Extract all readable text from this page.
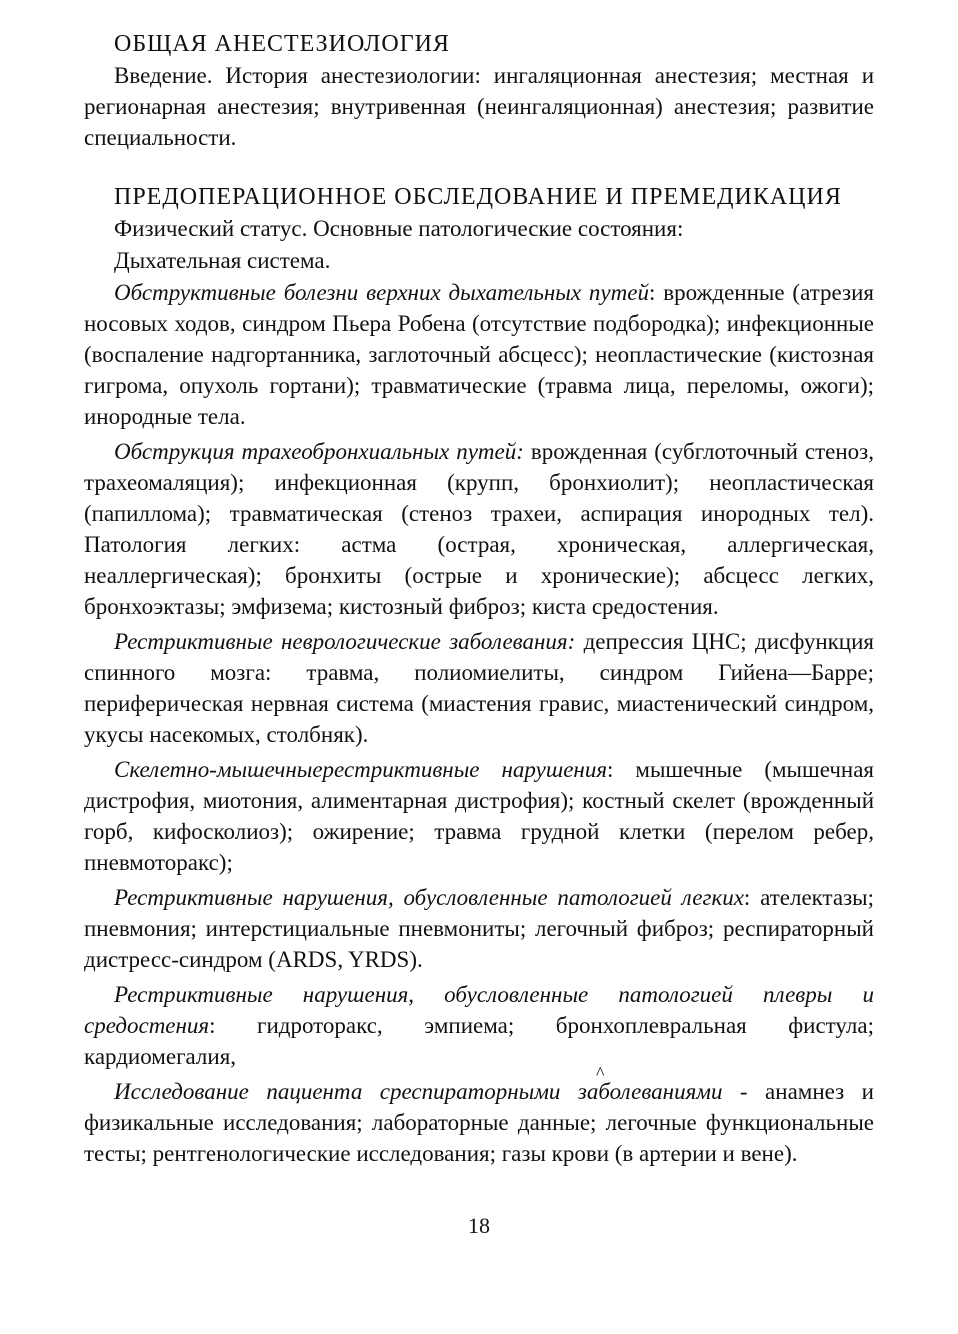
ОБЩАЯ АНЕСТЕЗИОЛОГИЯ

Введение. История анестезиологии: ингаляционная анестезия; местная и регионарная анестезия; внутривенная (неингаляционная) анестезия; развитие специальности.

ПРЕДОПЕРАЦИОННОЕ ОБСЛЕДОВАНИЕ И ПРЕМЕДИКАЦИЯ
Физический статус. Основные патологические состояния:
Дыхательная система.

Обструктивные болезни верхних дыхательных путей: врожденные (атрезия носовых ходов, синдром Пьера Робена (отсутствие подбородка); инфекционные (воспаление надгортанника, заглоточный абсцесс); неопластические (кистозная гигрома, опухоль гортани); травматические (травма лица, переломы, ожоги); инородные тела.

Обструкция трахеобронхиальных путей: врожденная (субглоточный стеноз, трахеомаляция); инфекционная (крупп, бронхиолит); неопластическая (папиллома); травматическая (стеноз трахеи, аспирация инородных тел). Патология легких: астма (острая, хроническая, аллергическая, неаллергическая); бронхиты (острые и хронические); абсцесс легких, бронхоэктазы; эмфизема; кистозный фиброз; киста средостения.

Рестриктивные неврологические заболевания: депрессия ЦНС; дисфункция спинного мозга: травма, полиомиелиты, синдром Гийена—Барре; периферическая нервная система (миастения гравис, миастенический синдром, укусы насекомых, столбняк).

Скелетно-мышечныерестриктивные нарушения: мышечные (мышечная дистрофия, миотония, алиментарная дистрофия); костный скелет (врожденный горб, кифосколиоз); ожирение; травма грудной клетки (перелом ребер, пневмоторакс);

Рестриктивные нарушения, обусловленные патологией легких: ателектазы; пневмония; интерстициальные пневмониты; легочный фиброз; респираторный дистресс-синдром (ARDS, YRDS).

Рестриктивные нарушения, обусловленные патологией плевры и средостения: гидроторакс, эмпиема; бронхоплевральная фистула; кардиомегалия,

^

Исследование пациента среспираторными заболеваниями - анамнез и физикальные исследования; лабораторные данные; легочные функциональные тесты; рентгенологические исследования; газы крови (в артерии и вене).

18
